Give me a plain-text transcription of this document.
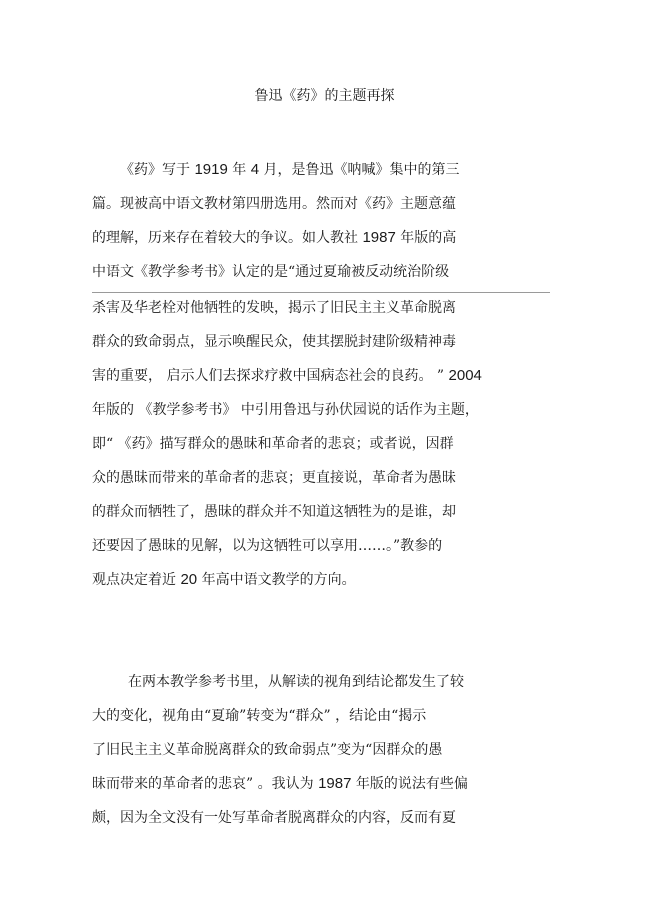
鲁迅《药》的主题再探
《药》写于 1919 年 4 月，是鲁迅《呐喊》集中的第三
篇。现被高中语文教材第四册选用。然而对《药》主题意蕴
的理解，历来存在着较大的争议。如人教社 1987 年版的高
中语文《教学参考书》认定的是“通过夏瑜被反动统治阶级
杀害及华老栓对他牺牲的发映，揭示了旧民主主义革命脱离
群众的致命弱点，显示唤醒民众，使其摆脱封建阶级精神毒
害的重要， 启示人们去探求疗救中国病态社会的良药。 ” 2004
年版的 《教学参考书》 中引用鲁迅与孙伏园说的话作为主题，
即“ 《药》描写群众的愚昧和革命者的悲哀；或者说，因群
众的愚昧而带来的革命者的悲哀；更直接说，革命者为愚昧
的群众而牺牲了，愚昧的群众并不知道这牺牲为的是谁，却
还要因了愚昧的见解，以为这牺牲可以享用……。”教参的
观点决定着近 20 年高中语文教学的方向。
在两本教学参考书里，从解读的视角到结论都发生了较
大的变化，视角由“夏瑜”转变为“群众” ，结论由“揭示
了旧民主主义革命脱离群众的致命弱点”变为“因群众的愚
昧而带来的革命者的悲哀” 。我认为 1987 年版的说法有些偏
颇，因为全文没有一处写革命者脱离群众的内容，反而有夏
